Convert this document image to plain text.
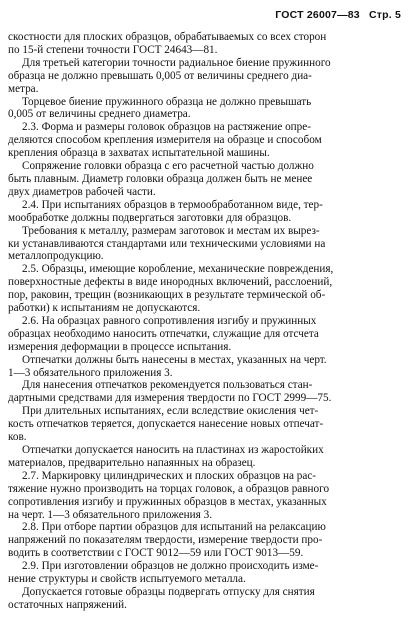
ГОСТ 26007—83 Стр. 5

скостности для плоских образцов, обрабатываемых со всех сторон

по 15-й степени точности ГОСТ 24643—81.

Для третьей категории точности радиальное биение пружинного

образца не должно превышать 0,005 от величины среднего диа-

метра.

Торцевое биение пружинного образца не должно превышать

0,005 от величины среднего диаметра.

2.3. Форма и размеры головок образцов на растяжение опре-

деляются способом крепления измерителя на образце и способом

крепления образца в захватах испытательной машины.

Сопряжение головки образца с его расчетной частью должно

быть плавным. Диаметр головки образца должен быть не менее

двух диаметров рабочей части.

2.4. При испытаниях образцов в термообработанном виде, тер-

мообработке должны подвергаться заготовки для образцов.

Требования к металлу, размерам заготовок и местам их вырез-

ки устанавливаются стандартами или техническими условиями на

металлопродукцию.

2.5. Образцы, имеющие коробление, механические повреждения,

поверхностные дефекты в виде инородных включений, расслоений,

пор, раковин, трещин (возникающих в результате термической об-

работки) к испытаниям не допускаются.

2.6. На образцах равного сопротивления изгибу и пружинных

образцах необходимо наносить отпечатки, служащие для отсчета

измерения деформации в процессе испытания.

Отпечатки должны быть нанесены в местах, указанных на черт.

1—3 обязательного приложения 3.

Для нанесения отпечатков рекомендуется пользоваться стан-

дартными средствами для измерения твердости по ГОСТ 2999—75.

При длительных испытаниях, если вследствие окисления чет-

кость отпечатков теряется, допускается нанесение новых отпечат-

ков.

Отпечатки допускается наносить на пластинах из жаростойких

материалов, предварительно напаянных на образец.

2.7. Маркировку цилиндрических и плоских образцов на рас-

тяжение нужно производить на торцах головок, а образцов равного

сопротивления изгибу и пружинных образцов в местах, указанных

на черт. 1—3 обязательного приложения 3.

2.8. При отборе партии образцов для испытаний на релаксацию

напряжений по показателям твердости, измерение твердости про-

водить в соответствии с ГОСТ 9012—59 или ГОСТ 9013—59.

2.9. При изготовлении образцов не должно происходить изме-

нение структуры и свойств испытуемого металла.

Допускается готовые образцы подвергать отпуску для снятия

остаточных напряжений.
